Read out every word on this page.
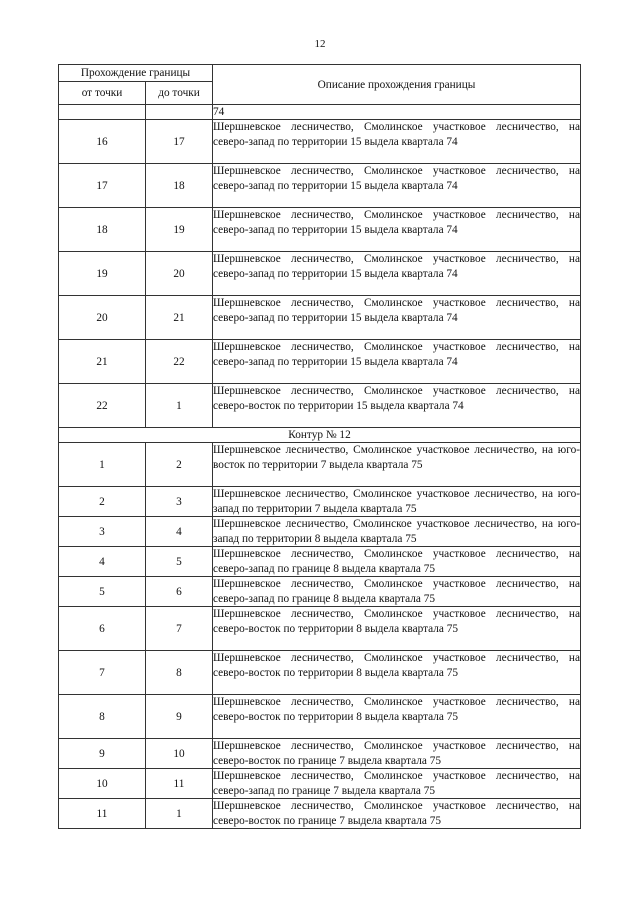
12
Прохождение границы		Описание прохождения границы
от точки	до точки	

		74

16	17	Шершневское лесничество, Смолинское участковое лесничество, на северо-запад по территории 15 выдела квартала 74

17	18	Шершневское лесничество, Смолинское участковое лесничество, на северо-запад по территории 15 выдела квартала 74

18	19	Шершневское лесничество, Смолинское участковое лесничество, на северо-запад по территории 15 выдела квартала 74

19	20	Шершневское лесничество, Смолинское участковое лесничество, на северо-запад по территории 15 выдела квартала 74

20	21	Шершневское лесничество, Смолинское участковое лесничество, на северо-запад по территории 15 выдела квартала 74

21	22	Шершневское лесничество, Смолинское участковое лесничество, на северо-запад по территории 15 выдела квартала 74

22	1	Шершневское лесничество, Смолинское участковое лесничество, на северо-восток по территории 15 выдела квартала 74

Контур № 12		
1	2	Шершневское лесничество, Смолинское участковое лесничество, на юго-восток по территории 7 выдела квартала 75

2	3	Шершневское лесничество, Смолинское участковое лесничество, на юго-запад по территории 7 выдела квартала 75

3	4	Шершневское лесничество, Смолинское участковое лесничество, на юго-запад по территории 8 выдела квартала 75

4	5	Шершневское лесничество, Смолинское участковое лесничество, на северо-запад по границе 8 выдела квартала 75

5	6	Шершневское лесничество, Смолинское участковое лесничество, на северо-запад по границе 8 выдела квартала 75

6	7	Шершневское лесничество, Смолинское участковое лесничество, на северо-восток по территории 8 выдела квартала 75

7	8	Шершневское лесничество, Смолинское участковое лесничество, на северо-восток по территории 8 выдела квартала 75

8	9	Шершневское лесничество, Смолинское участковое лесничество, на северо-восток по территории 8 выдела квартала 75

9	10	Шершневское лесничество, Смолинское участковое лесничество, на северо-восток по границе 7 выдела квартала 75

10	11	Шершневское лесничество, Смолинское участковое лесничество, на северо-запад по границе 7 выдела квартала 75

11	1	Шершневское лесничество, Смолинское участковое лесничество, на северо-восток по границе 7 выдела квартала 75
